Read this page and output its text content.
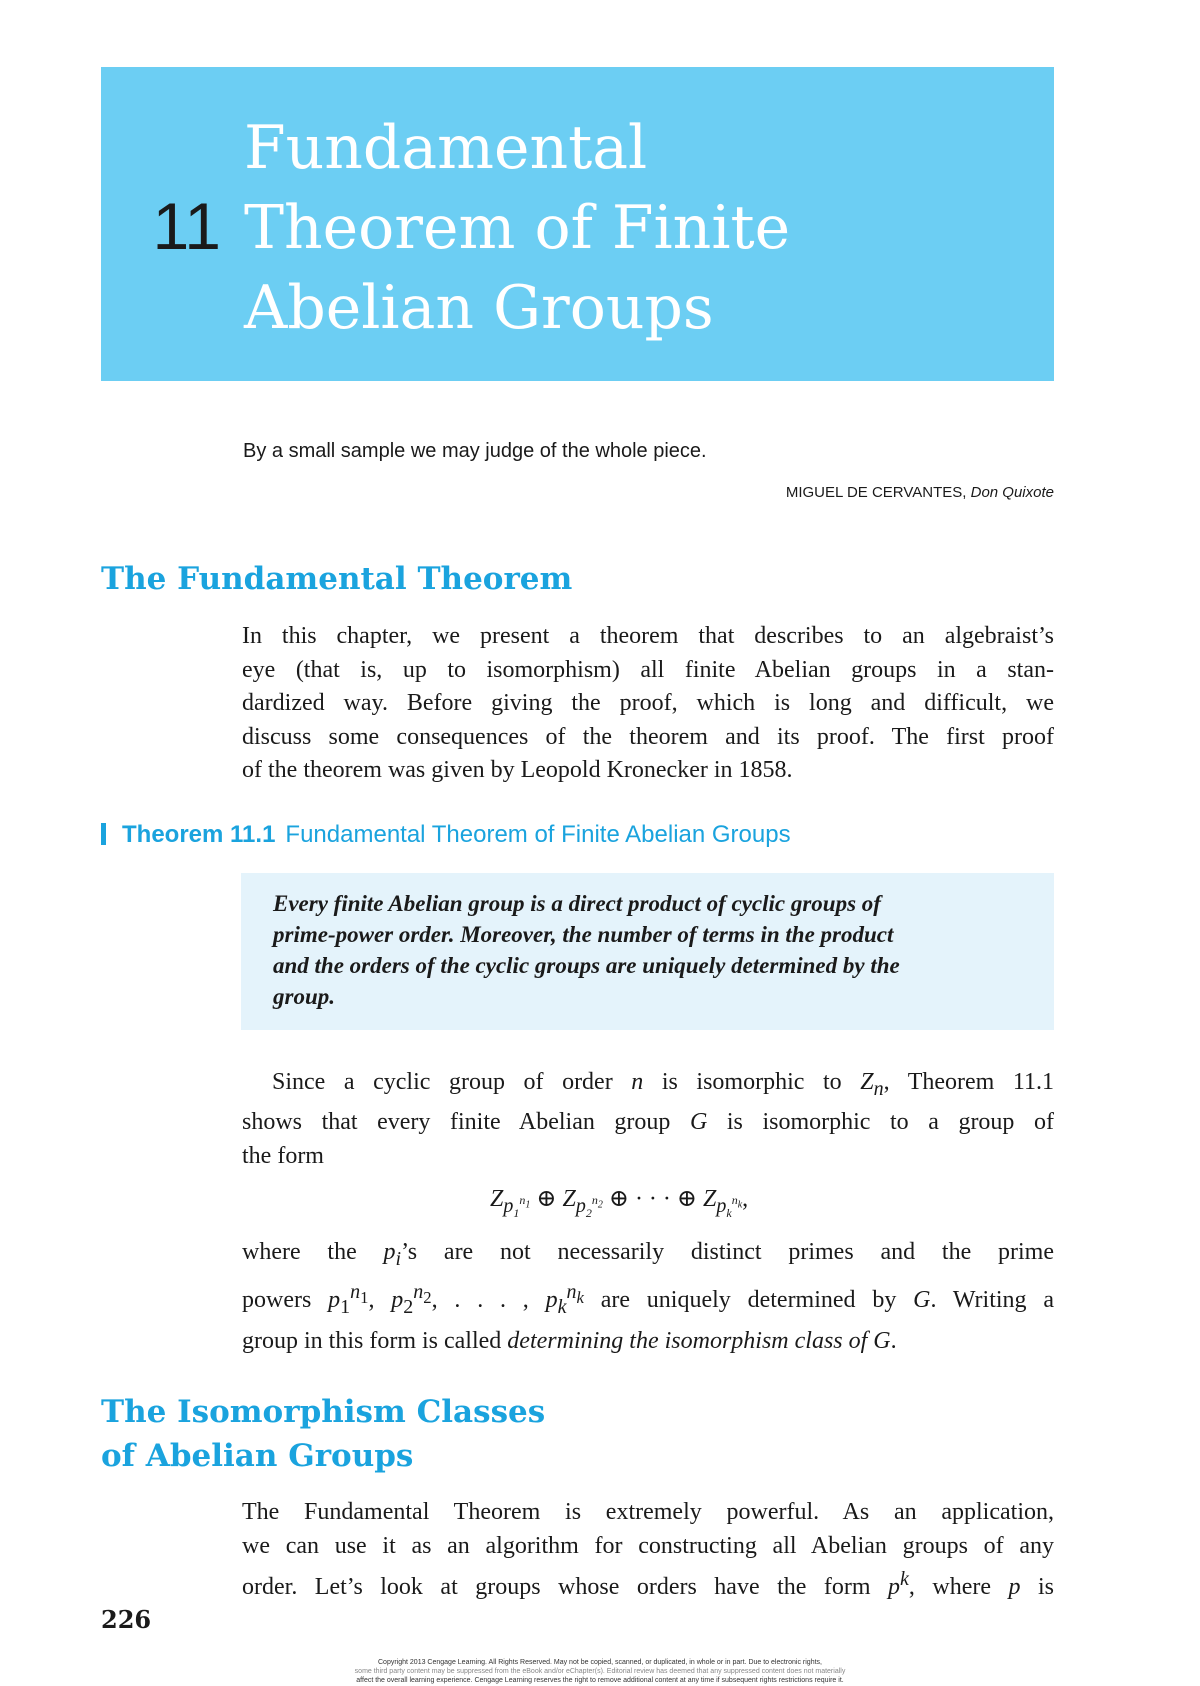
11
Fundamental
Theorem of Finite
Abelian Groups
By a small sample we may judge of the whole piece.
MIGUEL DE CERVANTES, Don Quixote
The Fundamental Theorem

In this chapter, we present a theorem that describes to an algebraist’s
eye (that is, up to isomorphism) all finite Abelian groups in a stan-
dardized way. Before giving the proof, which is long and difficult, we
discuss some consequences of the theorem and its proof. The first proof
of the theorem was given by Leopold Kronecker in 1858.

Theorem 11.1 Fundamental Theorem of Finite Abelian Groups
Every finite Abelian group is a direct product of cyclic groups of
prime-power order. Moreover, the number of terms in the product
and the orders of the cyclic groups are uniquely determined by the
group.

Since a cyclic group of order n is isomorphic to $Z_n$, Theorem 11.1
shows that every finite Abelian group G is isomorphic to a group of
the form

$Z_{p_1^{n_1}}$ ⊕ $Z_{p_2^{n_2}}$ ⊕ · · · ⊕ $Z_{p_k^{n_k}}$,

where the $p_i’s$ are not necessarily distinct primes and the prime
powers $p_1^{n_1}$, $p_2^{n_2}$, . . . , $p_k^{n_k}$ are uniquely determined by G. Writing a
group in this form is called determining the isomorphism class of G.

The Isomorphism Classes
of Abelian Groups

The Fundamental Theorem is extremely powerful. As an application,
we can use it as an algorithm for constructing all Abelian groups of any
order. Let’s look at groups whose orders have the form $p^k$, where p is

226
Copyright 2013 Cengage Learning. All Rights Reserved. May not be copied, scanned, or duplicated, in whole or in part. Due to electronic rights,
some third party content may be suppressed from the eBook and/or eChapter(s). Editorial review has deemed that any suppressed content does not materially
affect the overall learning experience. Cengage Learning reserves the right to remove additional content at any time if subsequent rights restrictions require it.
